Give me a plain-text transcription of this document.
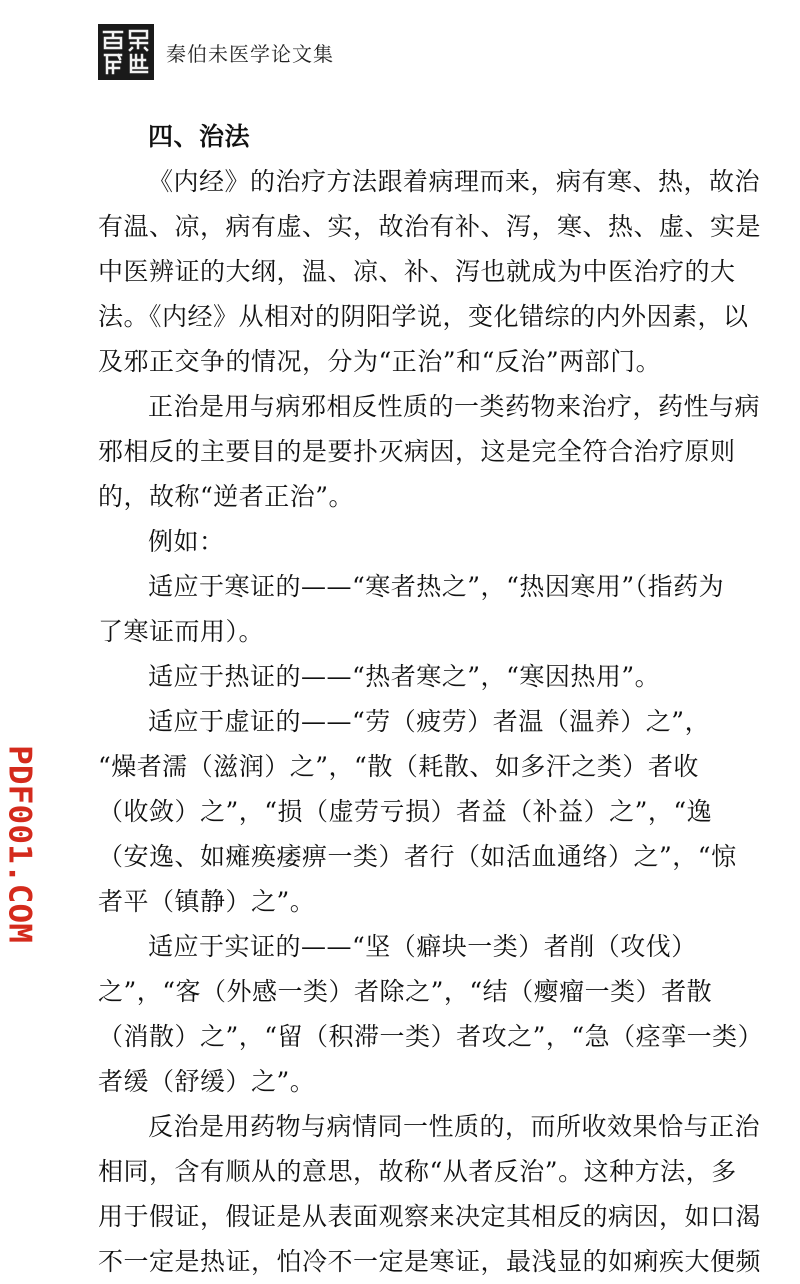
秦伯未医学论文集
四、治法
《内经》的治疗方法跟着病理而来，病有寒、热，故治
有温、凉，病有虚、实，故治有补、泻，寒、热、虚、实是
中医辨证的大纲，温、凉、补、泻也就成为中医治疗的大
法。《内经》从相对的阴阳学说，变化错综的内外因素，以
及邪正交争的情况，分为“正治”和“反治”两部门。
正治是用与病邪相反性质的一类药物来治疗，药性与病
邪相反的主要目的是要扑灭病因，这是完全符合治疗原则
的，故称“逆者正治”。
例如：
适应于寒证的——“寒者热之”，“热因寒用”（指药为
了寒证而用）。
适应于热证的——“热者寒之”，“寒因热用”。
适应于虚证的——“劳（疲劳）者温（温养）之”，
“燥者濡（滋润）之”，“散（耗散、如多汗之类）者收
（收敛）之”，“损（虚劳亏损）者益（补益）之”，“逸
（安逸、如瘫痪痿痹一类）者行（如活血通络）之”，“惊
者平（镇静）之”。
适应于实证的——“坚（癖块一类）者削（攻伐）
之”，“客（外感一类）者除之”，“结（瘿瘤一类）者散
（消散）之”，“留（积滞一类）者攻之”，“急（痉挛一类）
者缓（舒缓）之”。
反治是用药物与病情同一性质的，而所收效果恰与正治
相同，含有顺从的意思，故称“从者反治”。这种方法，多
用于假证，假证是从表面观察来决定其相反的病因，如口渴
不一定是热证，怕冷不一定是寒证，最浅显的如痢疾大便频
PDF001.COM
